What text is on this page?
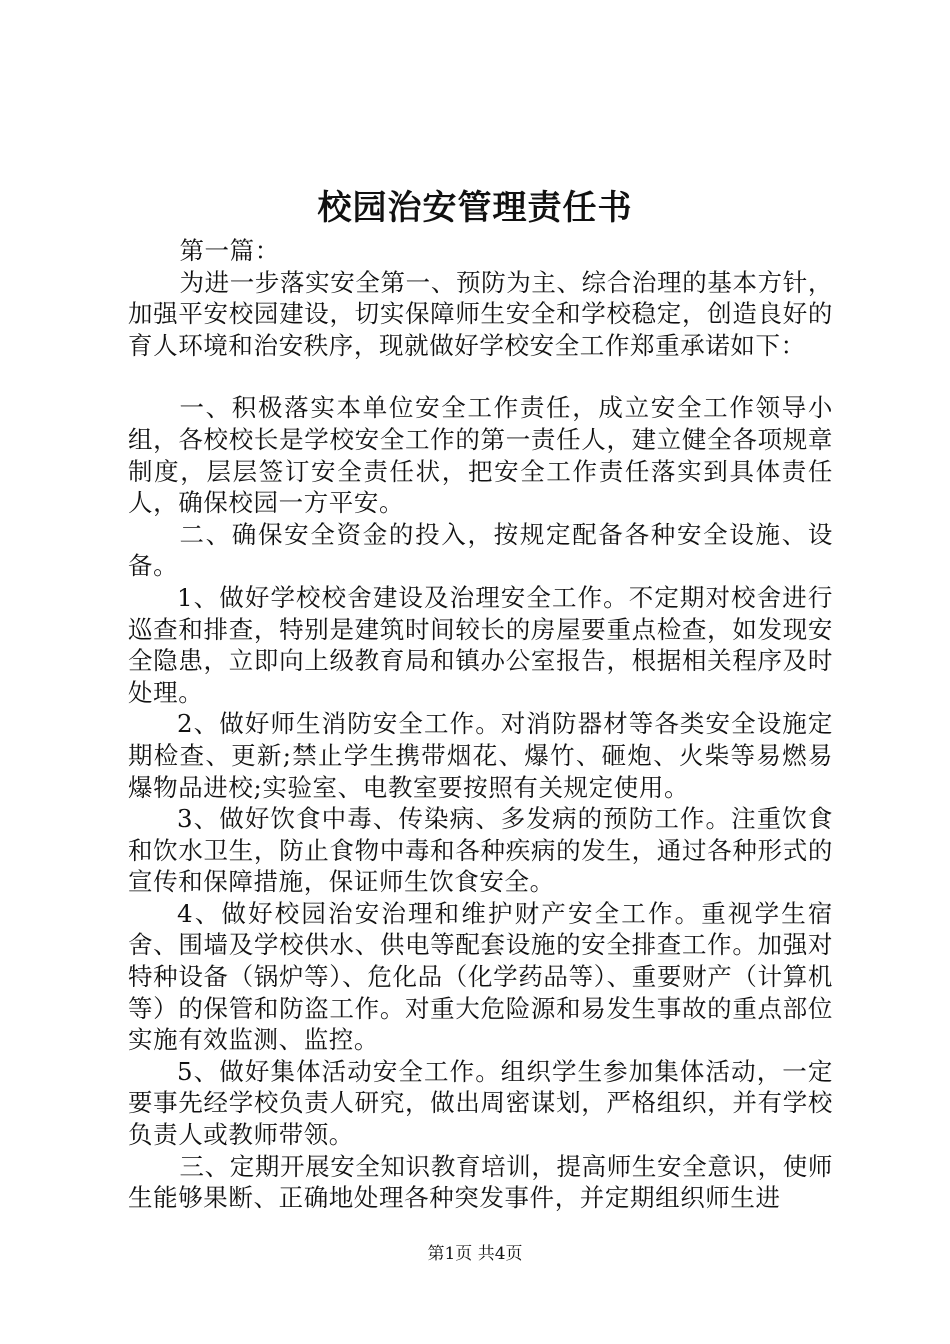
校园治安管理责任书

第一篇：

为进一步落实安全第一、预防为主、综合治理的基本方针，加强平安校园建设，切实保障师生安全和学校稳定，创造良好的育人环境和治安秩序，现就做好学校安全工作郑重承诺如下：

一、积极落实本单位安全工作责任，成立安全工作领导小组，各校校长是学校安全工作的第一责任人，建立健全各项规章制度，层层签订安全责任状，把安全工作责任落实到具体责任人，确保校园一方平安。

二、确保安全资金的投入，按规定配备各种安全设施、设备。

1、做好学校校舍建设及治理安全工作。不定期对校舍进行巡查和排查，特别是建筑时间较长的房屋要重点检查，如发现安全隐患，立即向上级教育局和镇办公室报告，根据相关程序及时处理。

2、做好师生消防安全工作。对消防器材等各类安全设施定期检查、更新;禁止学生携带烟花、爆竹、砸炮、火柴等易燃易爆物品进校;实验室、电教室要按照有关规定使用。

3、做好饮食中毒、传染病、多发病的预防工作。注重饮食和饮水卫生，防止食物中毒和各种疾病的发生，通过各种形式的宣传和保障措施，保证师生饮食安全。

4、做好校园治安治理和维护财产安全工作。重视学生宿舍、围墙及学校供水、供电等配套设施的安全排查工作。加强对特种设备（锅炉等）、危化品（化学药品等）、重要财产（计算机等）的保管和防盗工作。对重大危险源和易发生事故的重点部位实施有效监测、监控。

5、做好集体活动安全工作。组织学生参加集体活动，一定要事先经学校负责人研究，做出周密谋划，严格组织，并有学校负责人或教师带领。

三、定期开展安全知识教育培训，提高师生安全意识，使师生能够果断、正确地处理各种突发事件，并定期组织师生进

第1页 共4页
